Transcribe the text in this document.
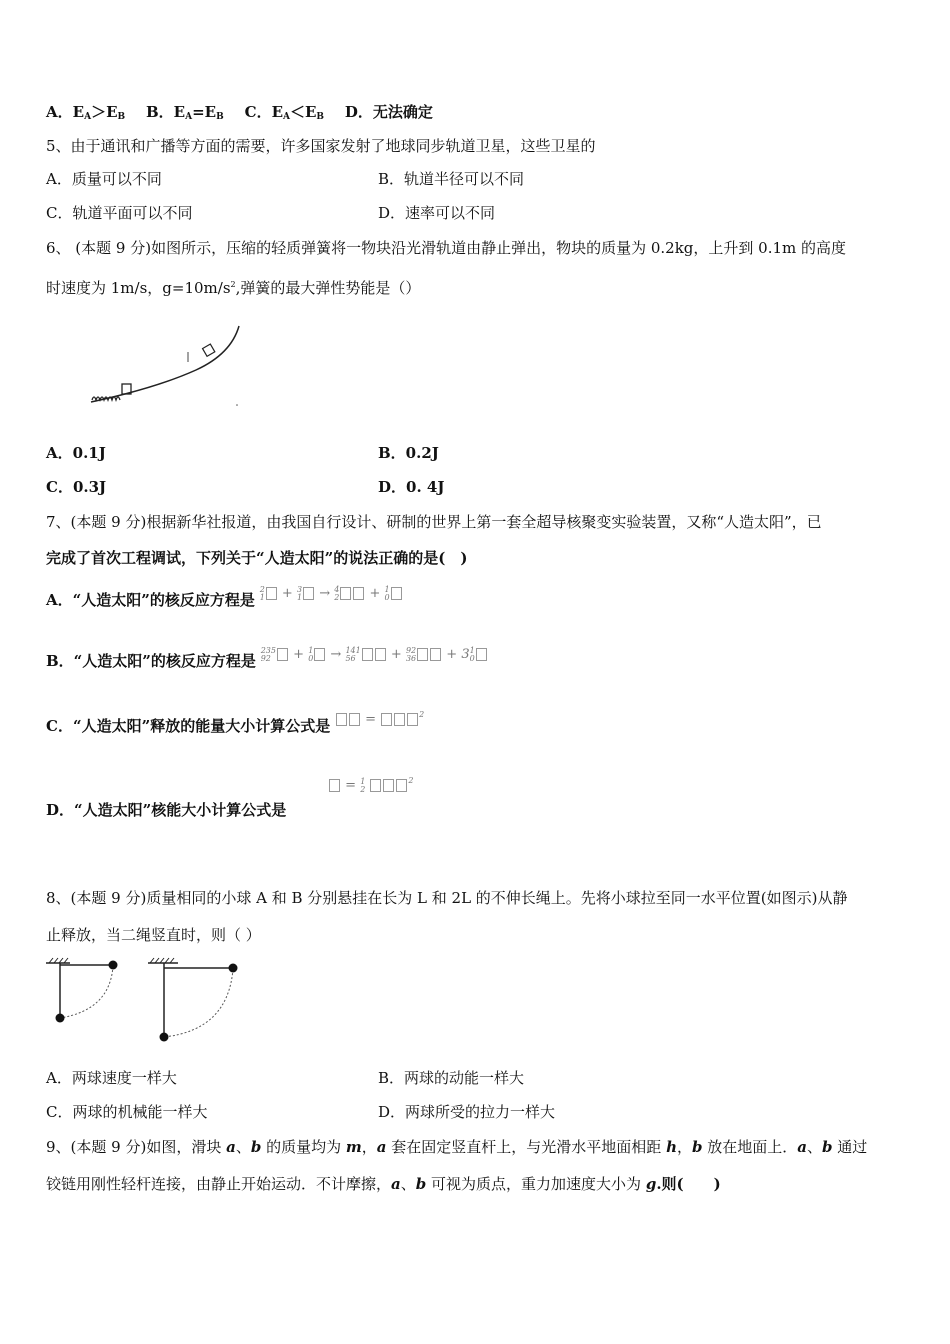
A．$E_A>E_B$ B．$E_A=E_B$ C．$E_A<E_B$ D．无法确定
5、由于通讯和广播等方面的需要，许多国家发射了地球同步轨道卫星，这些卫星的
A．质量可以不同	B．轨道半径可以不同
C．轨道平面可以不同	D．速率可以不同
6、 (本题 9 分)如图所示，压缩的轻质弹簧将一物块沿光滑轨道由静止弹出，物块的质量为 0.2kg，上升到 0.1m 的高度
时速度为 1m/s，$g=10m/s^2$,弹簧的最大弹性势能是（）
A．0.1J	B．0.2J
C．0.3J	D．0. 4J
7、(本题 9 分)根据新华社报道，由我国自行设计、研制的世界上第一套全超导核聚变实验装置，又称“人造太阳”，已
完成了首次工程调试，下列关于“人造太阳”的说法正确的是(　)
A．“人造太阳”的核反应方程是 2
1 + 3
1 → 4
2 + 1
0
B．“人造太阳”的核反应方程是 235
92 + 1
0 → 141
56	+ 92
36 + 31
0
C．“人造太阳”释放的能量大小计算公式是	=	$^2$
D．“人造太阳”核能大小计算公式是
= 1
2 $^2$
8、(本题 9 分)质量相同的小球 A 和 B 分别悬挂在长为 L 和 2L 的不伸长绳上。先将小球拉至同一水平位置(如图示)从静
止释放，当二绳竖直时，则（ ）
A．两球速度一样大	B．两球的动能一样大
C．两球的机械能一样大	D．两球所受的拉力一样大
9、(本题 9 分)如图，滑块 a、b 的质量均为 m，a 套在固定竖直杆上，与光滑水平地面相距 h，b 放在地面上．a、b 通过
铰链用刚性轻杆连接，由静止开始运动．不计摩擦，a、b 可视为质点，重力加速度大小为 g.则(　　)
